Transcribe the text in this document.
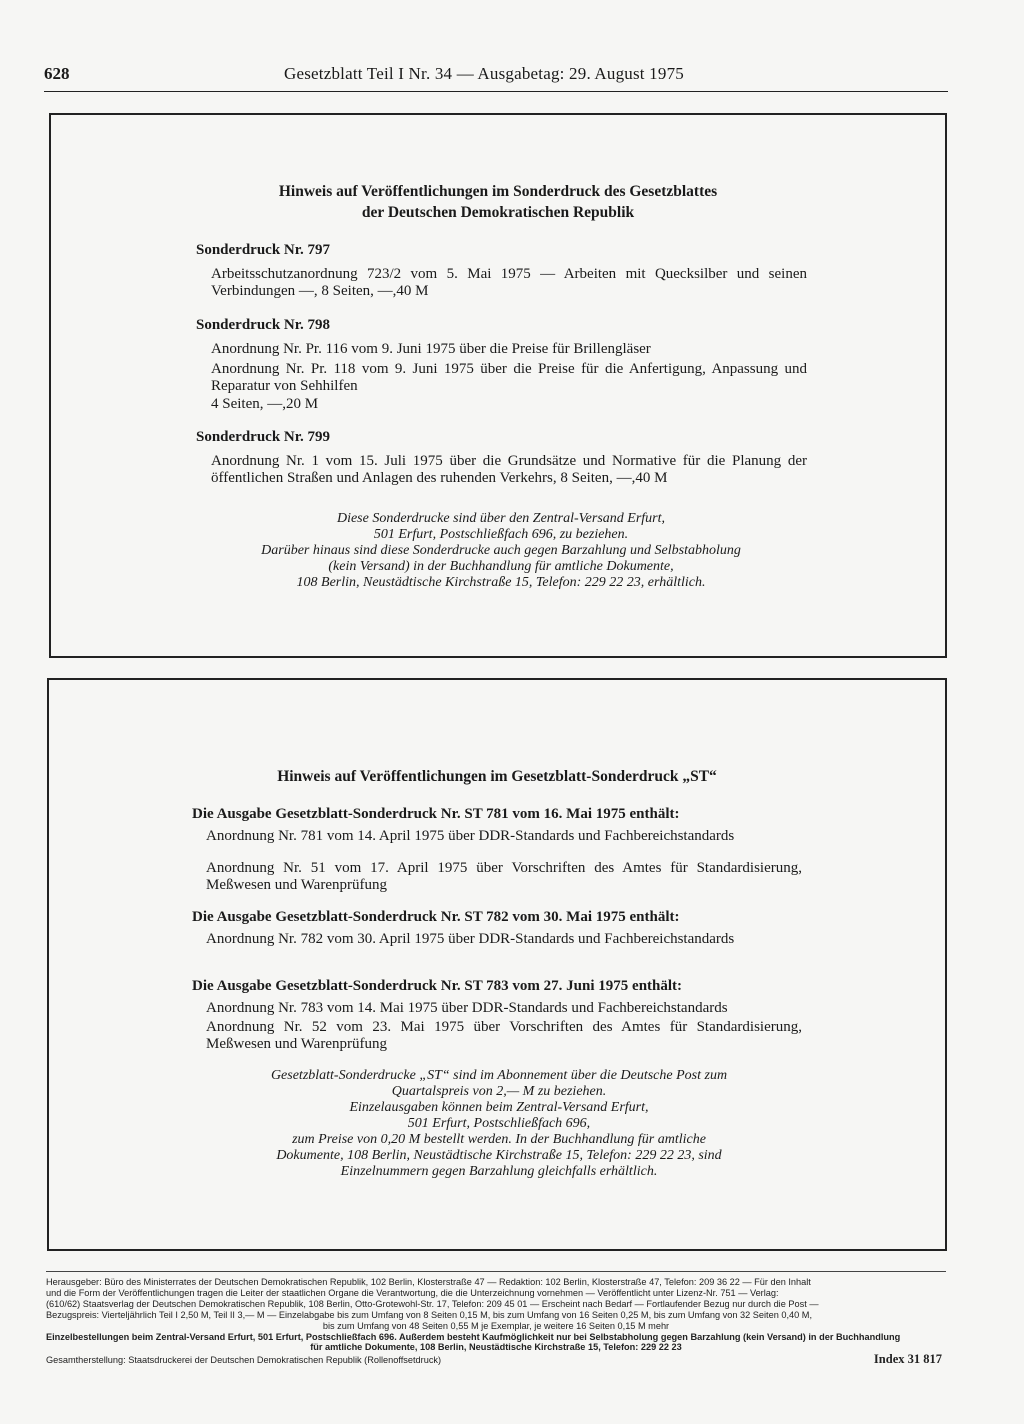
628	Gesetzblatt Teil I Nr. 34 — Ausgabetag: 29. August 1975
Hinweis auf Veröffentlichungen im Sonderdruck des Gesetzblattes
der Deutschen Demokratischen Republik
Sonderdruck Nr. 797
Arbeitsschutzanordnung 723/2 vom 5. Mai 1975 — Arbeiten mit Quecksilber und seinen Verbindungen —, 8 Seiten, —,40 M
Sonderdruck Nr. 798
Anordnung Nr. Pr. 116 vom 9. Juni 1975 über die Preise für Brillengläser
Anordnung Nr. Pr. 118 vom 9. Juni 1975 über die Preise für die Anfertigung, Anpassung und Reparatur von Sehhilfen
4 Seiten, —,20 M
Sonderdruck Nr. 799
Anordnung Nr. 1 vom 15. Juli 1975 über die Grundsätze und Normative für die Planung der öffentlichen Straßen und Anlagen des ruhenden Verkehrs, 8 Seiten, —,40 M
Diese Sonderdrucke sind über den Zentral-Versand Erfurt,
501 Erfurt, Postschließfach 696, zu beziehen.
Darüber hinaus sind diese Sonderdrucke auch gegen Barzahlung und Selbstabholung
(kein Versand) in der Buchhandlung für amtliche Dokumente,
108 Berlin, Neustädtische Kirchstraße 15, Telefon: 229 22 23, erhältlich.
Hinweis auf Veröffentlichungen im Gesetzblatt-Sonderdruck „ST“
Die Ausgabe Gesetzblatt-Sonderdruck Nr. ST 781 vom 16. Mai 1975 enthält:
Anordnung Nr. 781 vom 14. April 1975 über DDR-Standards und Fachbereichstandards
Anordnung Nr. 51 vom 17. April 1975 über Vorschriften des Amtes für Standardisierung, Meßwesen und Warenprüfung
Die Ausgabe Gesetzblatt-Sonderdruck Nr. ST 782 vom 30. Mai 1975 enthält:
Anordnung Nr. 782 vom 30. April 1975 über DDR-Standards und Fachbereichstandards
Die Ausgabe Gesetzblatt-Sonderdruck Nr. ST 783 vom 27. Juni 1975 enthält:
Anordnung Nr. 783 vom 14. Mai 1975 über DDR-Standards und Fachbereichstandards
Anordnung Nr. 52 vom 23. Mai 1975 über Vorschriften des Amtes für Standardisierung, Meßwesen und Warenprüfung
Gesetzblatt-Sonderdrucke „ST“ sind im Abonnement über die Deutsche Post zum
Quartalspreis von 2,— M zu beziehen.
Einzelausgaben können beim Zentral-Versand Erfurt,
501 Erfurt, Postschließfach 696,
zum Preise von 0,20 M bestellt werden. In der Buchhandlung für amtliche
Dokumente, 108 Berlin, Neustädtische Kirchstraße 15, Telefon: 229 22 23, sind
Einzelnummern gegen Barzahlung gleichfalls erhältlich.
Herausgeber: Büro des Ministerrates der Deutschen Demokratischen Republik, 102 Berlin, Klosterstraße 47 — Redaktion: 102 Berlin, Klosterstraße 47, Telefon: 209 36 22 — Für den Inhalt
und die Form der Veröffentlichungen tragen die Leiter der staatlichen Organe die Verantwortung, die die Unterzeichnung vornehmen — Veröffentlicht unter Lizenz-Nr. 751 — Verlag:
(610/62) Staatsverlag der Deutschen Demokratischen Republik, 108 Berlin, Otto-Grotewohl-Str. 17, Telefon: 209 45 01 — Erscheint nach Bedarf — Fortlaufender Bezug nur durch die Post —
Bezugspreis: Vierteljährlich Teil I 2,50 M, Teil II 3,— M — Einzelabgabe bis zum Umfang von 8 Seiten 0,15 M, bis zum Umfang von 16 Seiten 0,25 M, bis zum Umfang von 32 Seiten 0,40 M,
bis zum Umfang von 48 Seiten 0,55 M je Exemplar, je weitere 16 Seiten 0,15 M mehr
Einzelbestellungen beim Zentral-Versand Erfurt, 501 Erfurt, Postschließfach 696. Außerdem besteht Kaufmöglichkeit nur bei Selbstabholung gegen Barzahlung (kein Versand) in der Buchhandlung
für amtliche Dokumente, 108 Berlin, Neustädtische Kirchstraße 15, Telefon: 229 22 23
Gesamtherstellung: Staatsdruckerei der Deutschen Demokratischen Republik (Rollenoffsetdruck)	Index 31 817
